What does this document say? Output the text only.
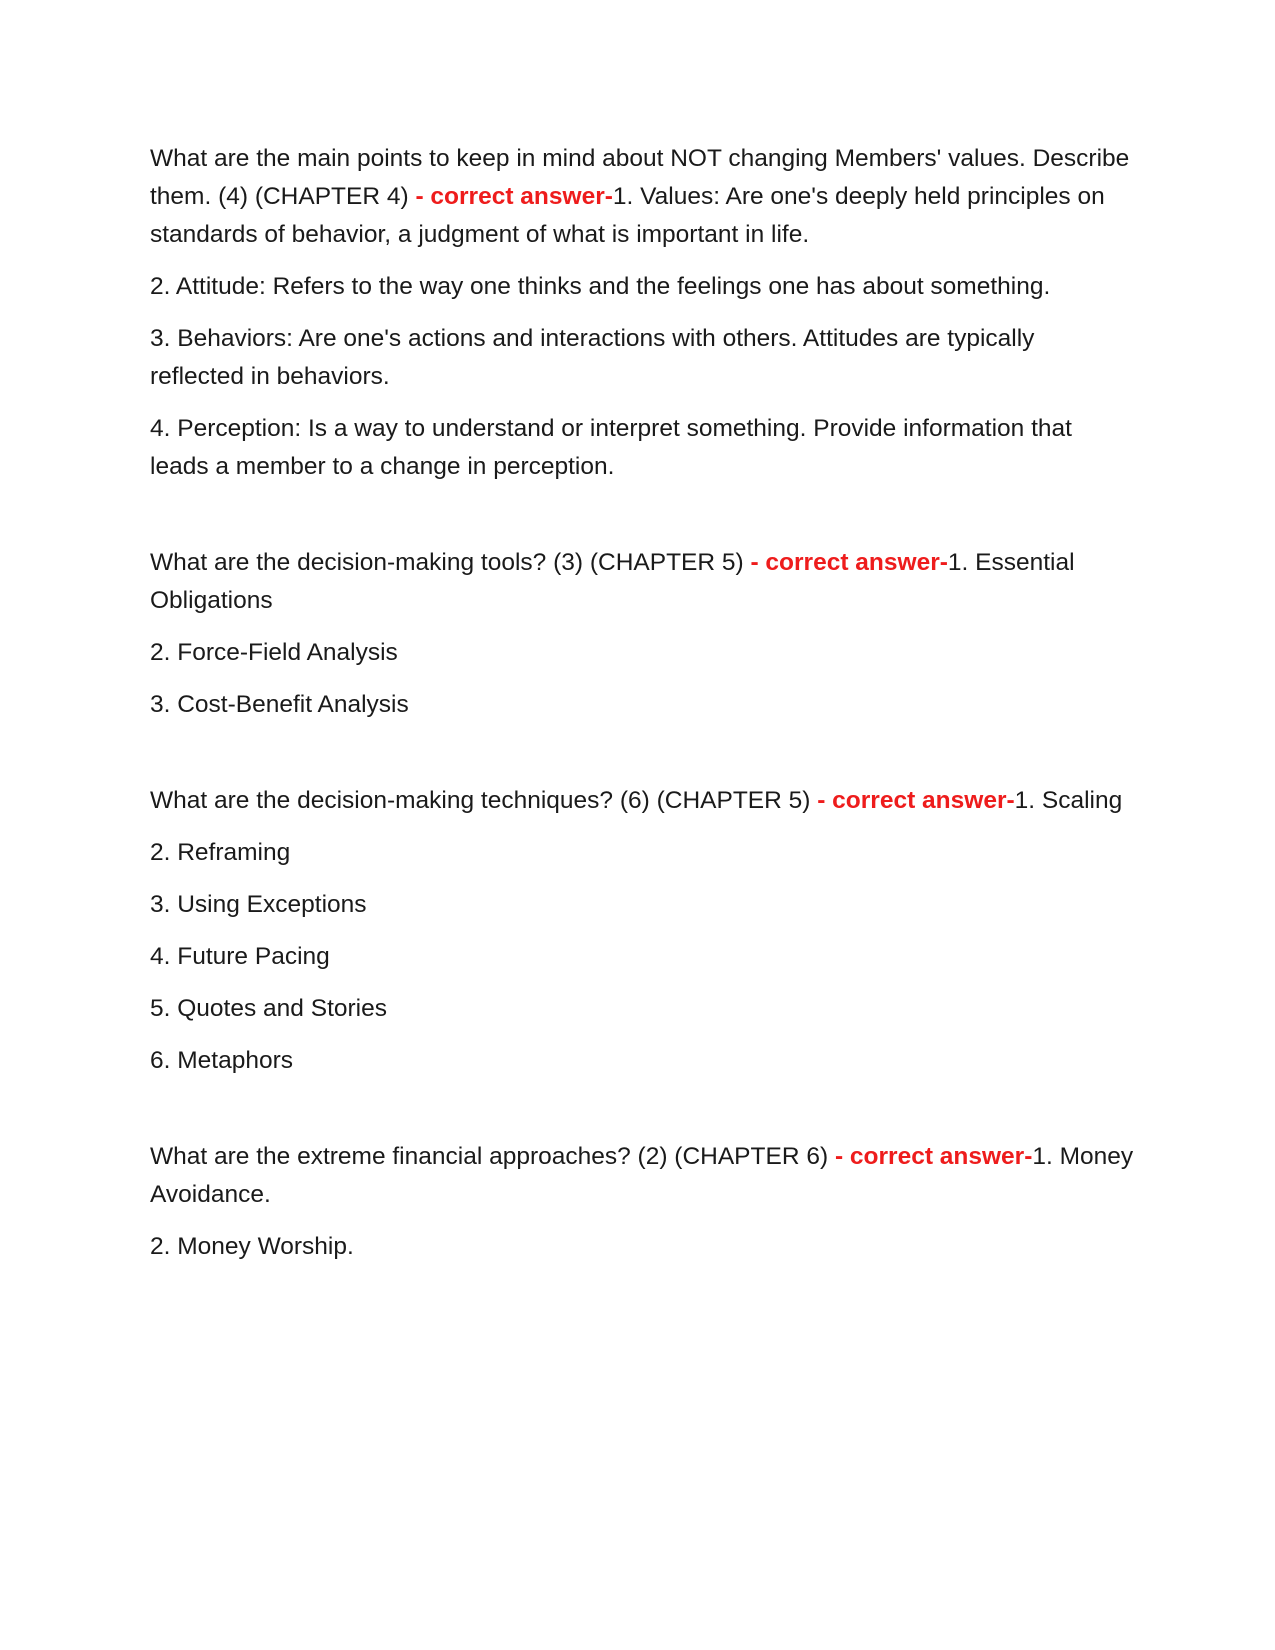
What are the main points to keep in mind about NOT changing Members' values. Describe them. (4) (CHAPTER 4) - correct answer-1. Values: Are one's deeply held principles on standards of behavior, a judgment of what is important in life.

2. Attitude: Refers to the way one thinks and the feelings one has about something.

3. Behaviors: Are one's actions and interactions with others. Attitudes are typically reflected in behaviors.

4. Perception: Is a way to understand or interpret something. Provide information that leads a member to a change in perception.

What are the decision-making tools? (3) (CHAPTER 5) - correct answer-1. Essential Obligations

2. Force-Field Analysis

3. Cost-Benefit Analysis

What are the decision-making techniques? (6) (CHAPTER 5) - correct answer-1. Scaling

2. Reframing

3. Using Exceptions

4. Future Pacing

5. Quotes and Stories

6. Metaphors

What are the extreme financial approaches? (2) (CHAPTER 6) - correct answer-1. Money Avoidance.

2. Money Worship.
